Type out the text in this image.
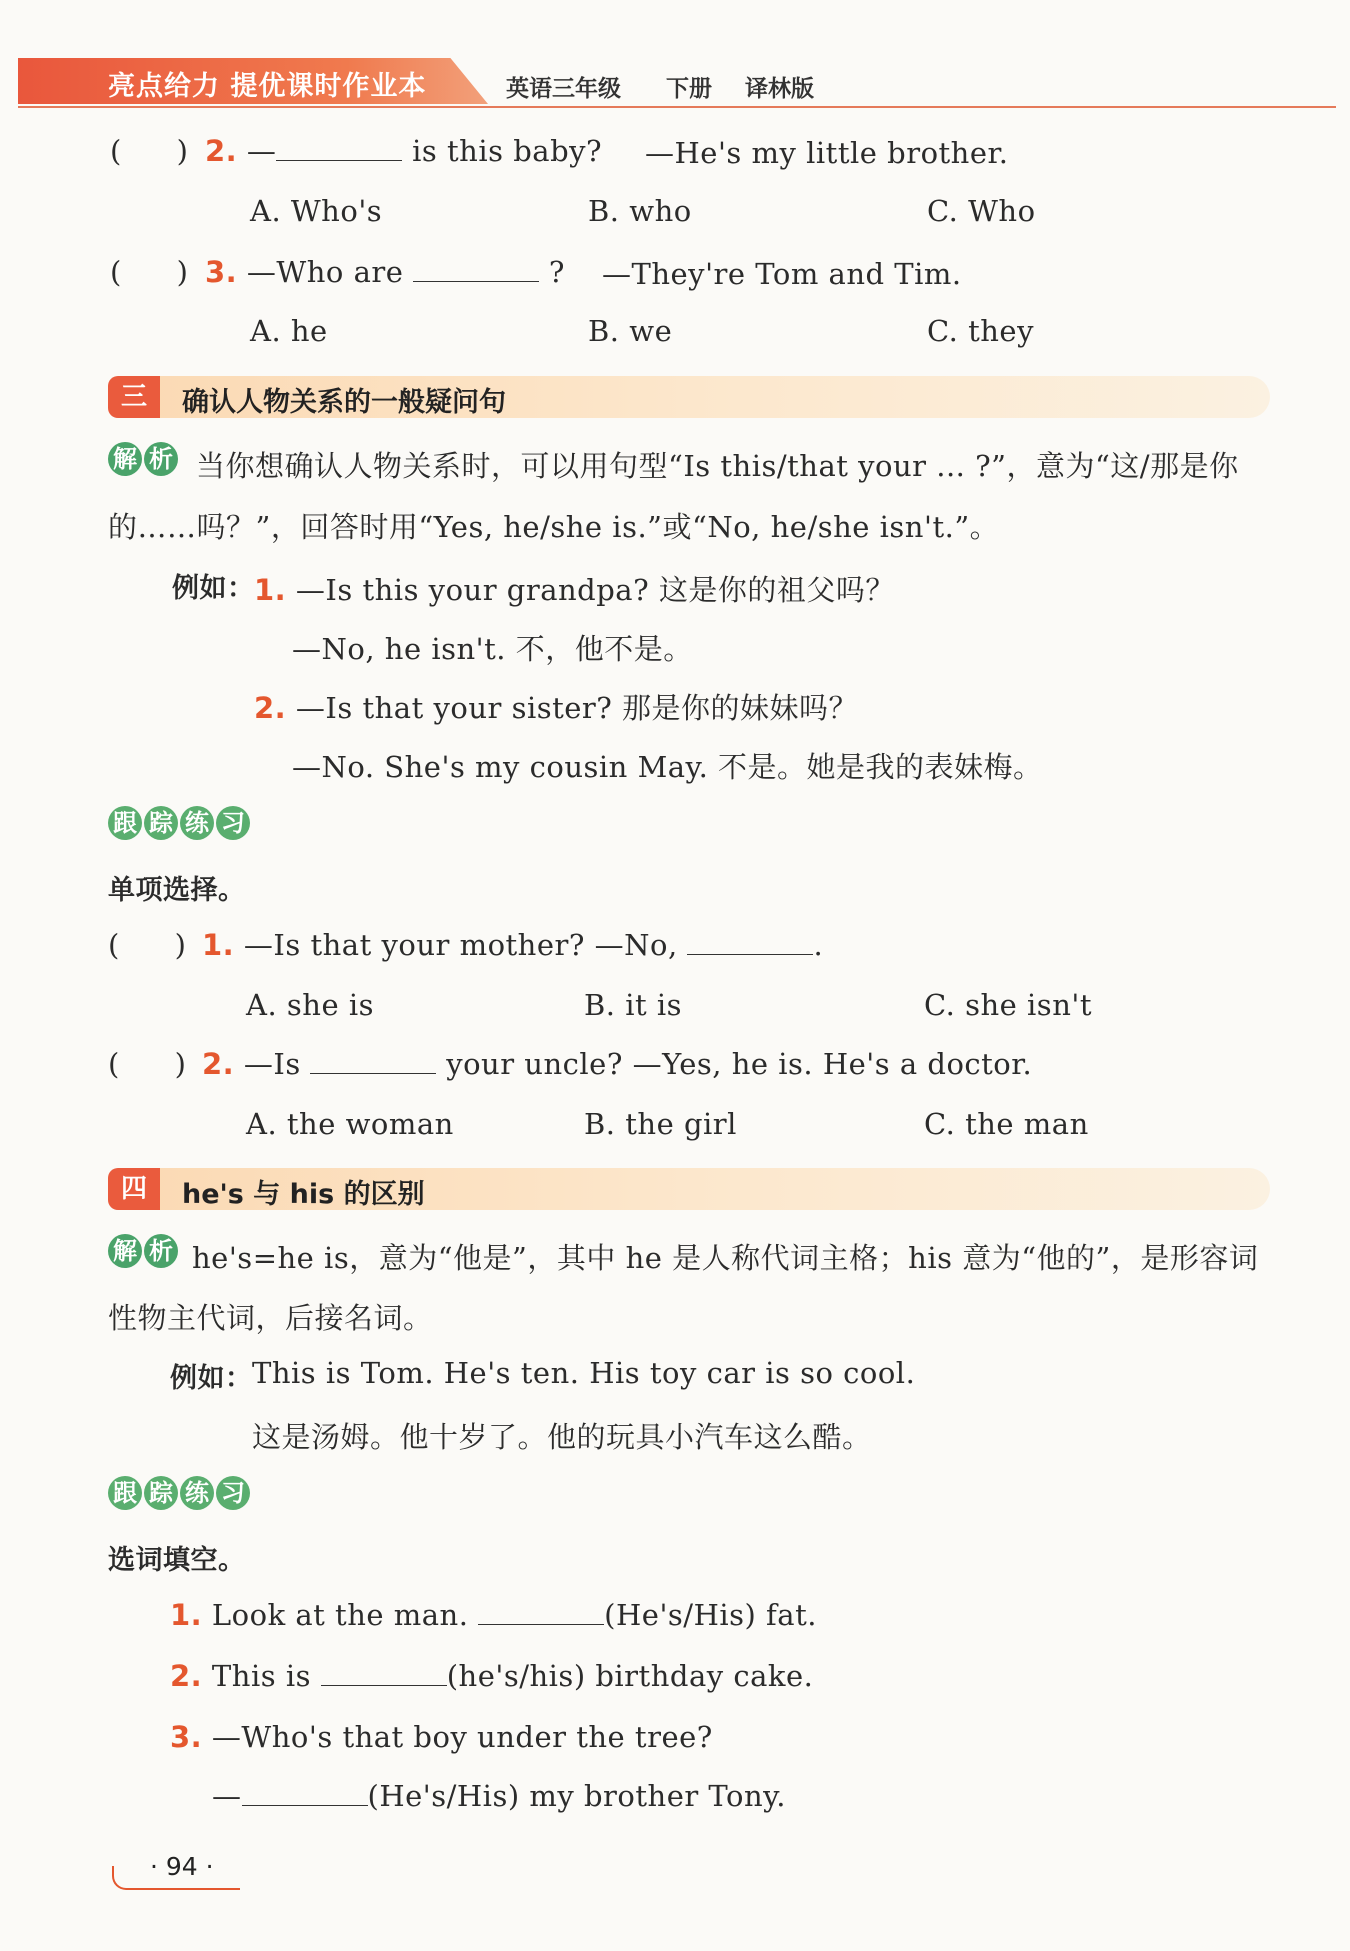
亮点给力 提优课时作业本	英语三年级 下册 译林版
(      ) 2. —	is this baby? —He's my little brother.
A. Who's	B. who	C. Who
(      ) 3. —Who are	? —They're Tom and Tim.
A. he	B. we	C. they
三	确认人物关系的一般疑问句
解 析 当你想确认人物关系时，可以用句型“Is this/that your ... ?”，意为“这/那是你
的……吗？”，回答时用“Yes, he/she is.”或“No, he/she isn't.”。
例如： 1. —Is this your grandpa? 这是你的祖父吗？
—No, he isn't. 不，他不是。
2. —Is that your sister? 那是你的妹妹吗？
—No. She's my cousin May. 不是。她是我的表妹梅。
跟 踪 练 习
单项选择。
(      ) 1. —Is that your mother? —No,	.
A. she is	B. it is	C. she isn't
(      ) 2. —Is	your uncle? —Yes, he is. He's a doctor.
A. the woman	B. the girl	C. the man
四	he's 与 his 的区别
解 析 he's=he is，意为“他是”，其中 he 是人称代词主格；his 意为“他的”，是形容词
性物主代词，后接名词。
例如： This is Tom. He's ten. His toy car is so cool.
这是汤姆。他十岁了。他的玩具小汽车这么酷。
跟 踪 练 习
选词填空。
1. Look at the man.	(He's/His) fat.
2. This is	(he's/his) birthday cake.
3. —Who's that boy under the tree?
—	(He's/His) my brother Tony.
· 94 ·
